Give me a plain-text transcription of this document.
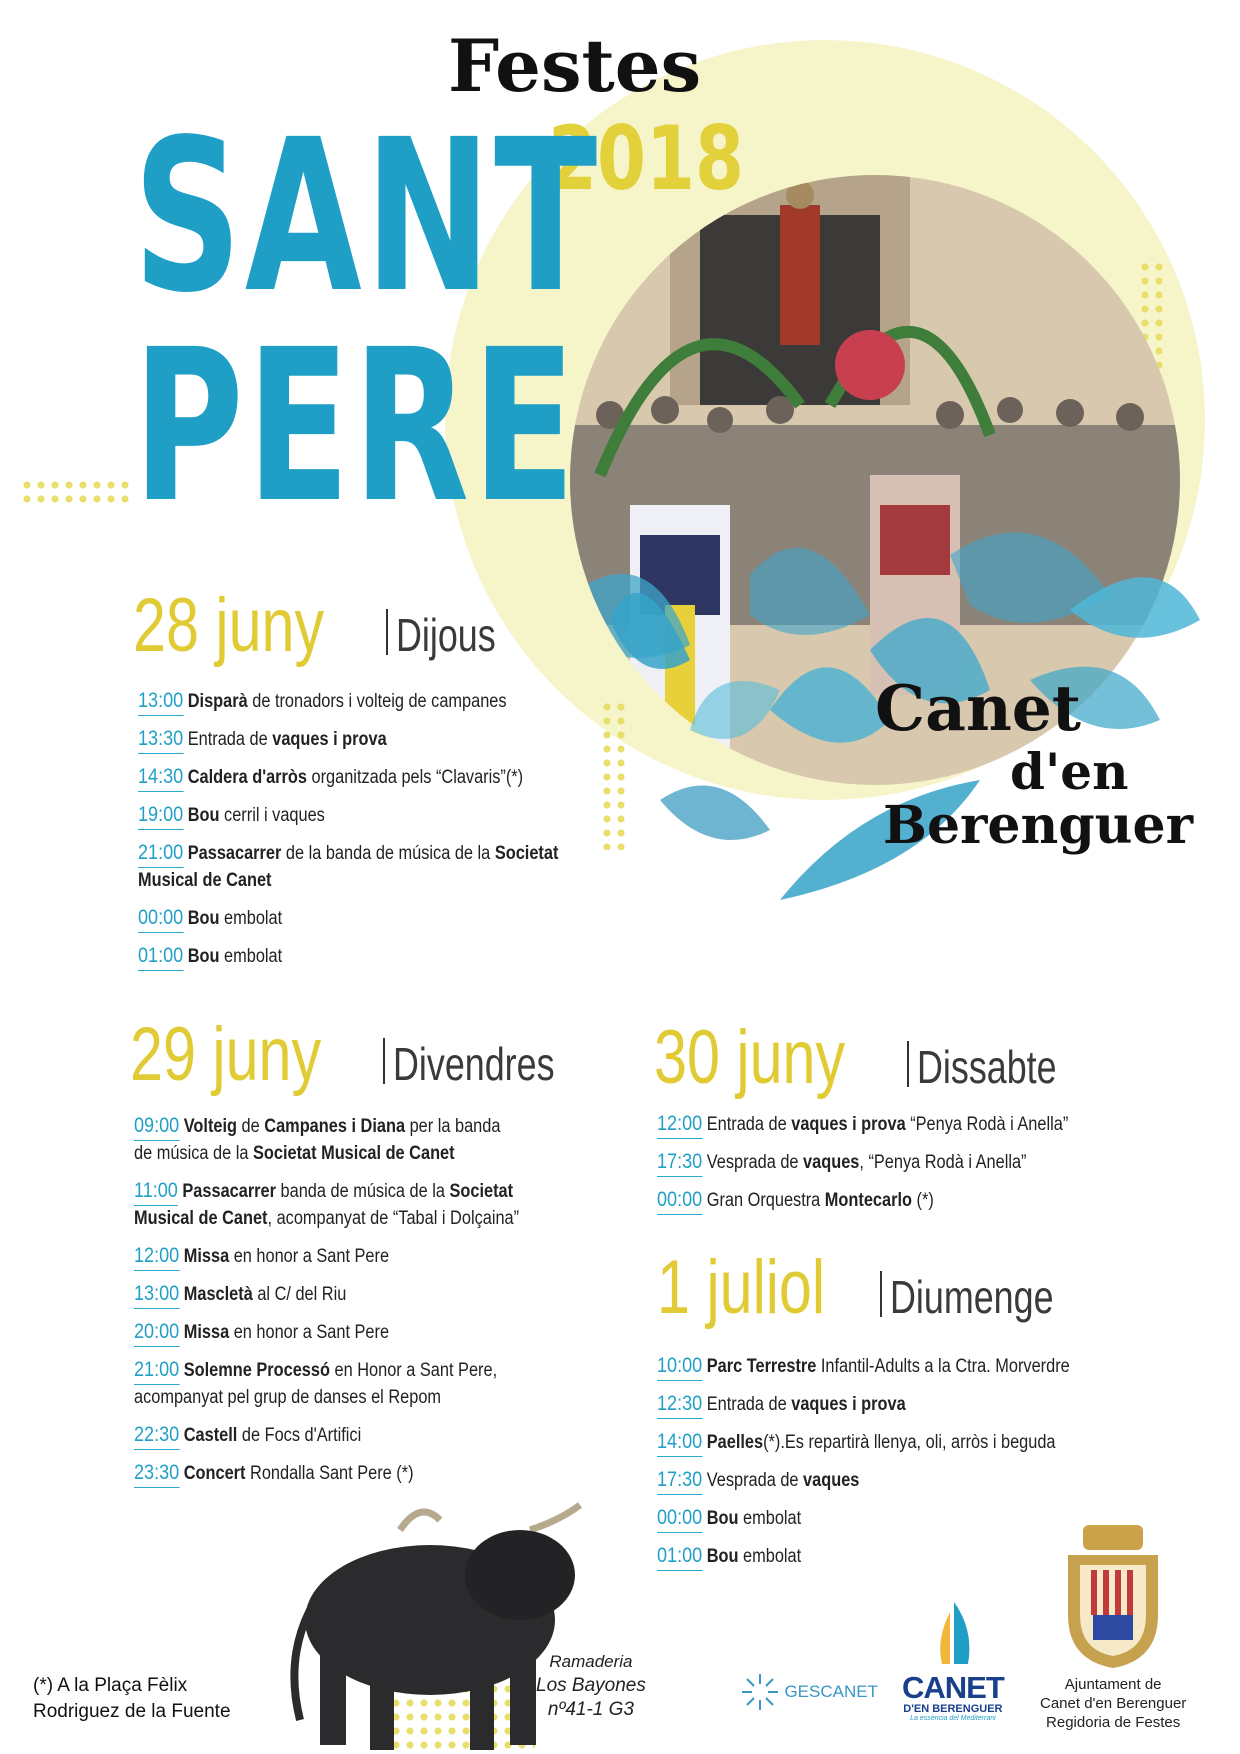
Festes
2018
SANT
PERE
Canet
d'en
Berenguer
28 juny Dijous
13:00 Disparà de tronadors i volteig de campanes
13:30 Entrada de vaques i prova
14:30 Caldera d'arròs organitzada pels “Clavaris”(*)
19:00 Bou cerril i vaques
21:00 Passacarrer de la banda de música de la Societat
Musical de Canet
00:00 Bou embolat
01:00 Bou embolat
29 juny Divendres
09:00 Volteig de Campanes i Diana per la banda
de música de la Societat Musical de Canet
11:00 Passacarrer banda de música de la Societat
Musical de Canet, acompanyat de “Tabal i Dolçaina”
12:00 Missa en honor a Sant Pere
13:00 Mascletà al C/ del Riu
20:00 Missa en honor a Sant Pere
21:00 Solemne Processó en Honor a Sant Pere,
acompanyat pel grup de danses el Repom
22:30 Castell de Focs d'Artifici
23:30 Concert Rondalla Sant Pere (*)
30 juny Dissabte
12:00 Entrada de vaques i prova “Penya Rodà i Anella”
17:30 Vesprada de vaques, “Penya Rodà i Anella”
00:00 Gran Orquestra Montecarlo (*)
1 juliol Diumenge
10:00 Parc Terrestre Infantil-Adults a la Ctra. Morverdre
12:30 Entrada de vaques i prova
14:00 Paelles(*).Es repartirà llenya, oli, arròs i beguda
17:30 Vesprada de vaques
00:00 Bou embolat
01:00 Bou embolat
(*) A la Plaça Fèlix
Rodriguez de la Fuente
Ramaderia
Los Bayones
nº41-1 G3
GESCANET CANET
D'EN BERENGUER
La essència del Mediterrani
Ajuntament de
Canet d'en Berenguer
Regidoria de Festes
